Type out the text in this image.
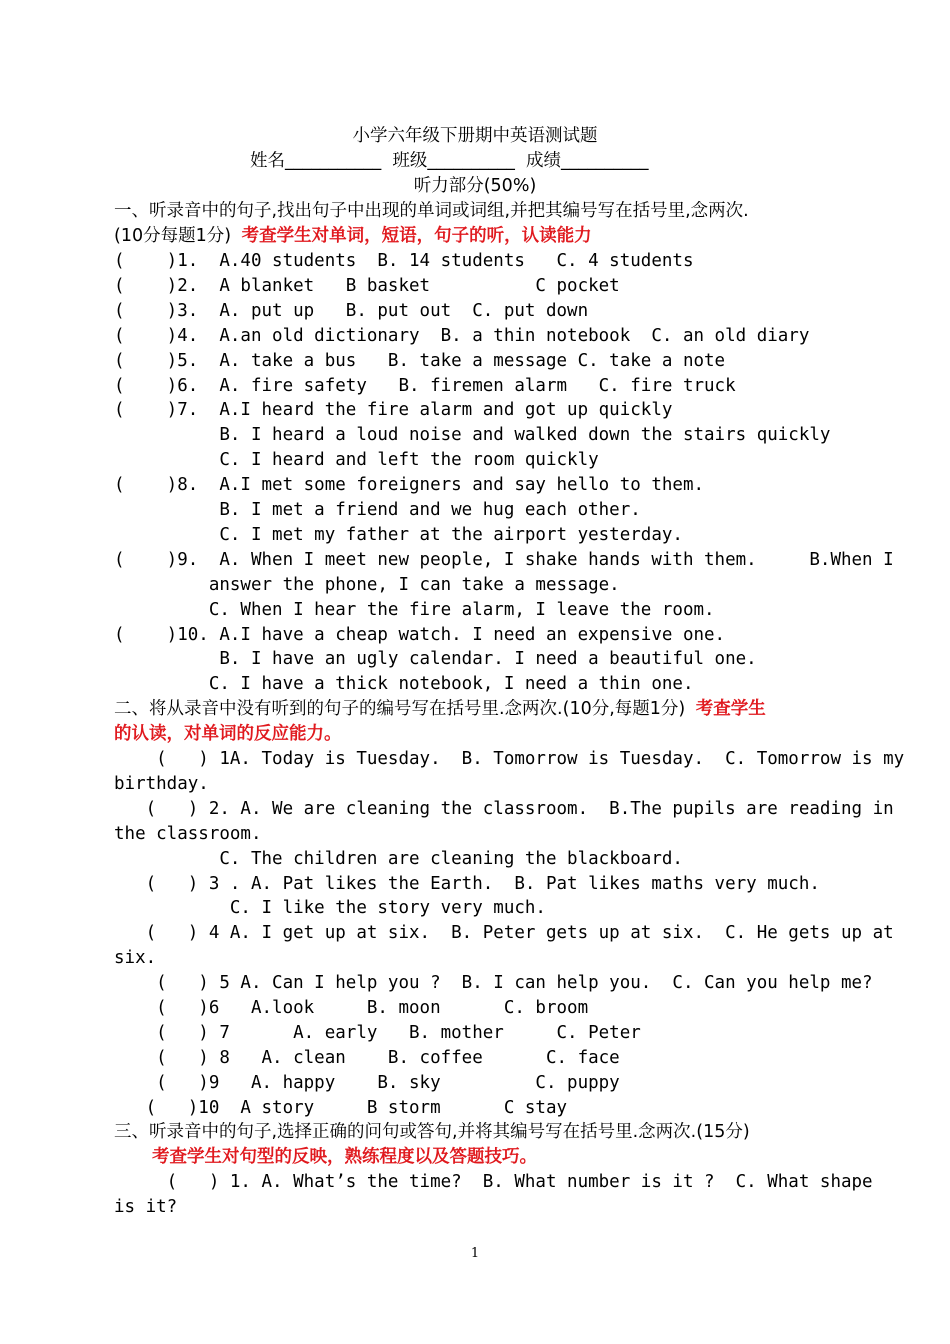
小学六年级下册期中英语测试题
姓名___________  班级__________  成绩__________
听力部分(50%)
一、听录音中的句子,找出句子中出现的单词或词组,并把其编号写在括号里,念两次.
(10分每题1分) 考查学生对单词，短语，句子的听，认读能力
(    )1.  A.40 students  B. 14 students   C. 4 students
(    )2.  A blanket   B basket          C pocket
(    )3.  A. put up   B. put out  C. put down
(    )4.  A.an old dictionary  B. a thin notebook  C. an old diary
(    )5.  A. take a bus   B. take a message C. take a note
(    )6.  A. fire safety   B. firemen alarm   C. fire truck
(    )7.  A.I heard the fire alarm and got up quickly
B. I heard a loud noise and walked down the stairs quickly
C. I heard and left the room quickly
(    )8.  A.I met some foreigners and say hello to them.
B. I met a friend and we hug each other.
C. I met my father at the airport yesterday.
(    )9.  A. When I meet new people, I shake hands with them.     B.When I
answer the phone, I can take a message.
C. When I hear the fire alarm, I leave the room.
(    )10. A.I have a cheap watch. I need an expensive one.
B. I have an ugly calendar. I need a beautiful one.
C. I have a thick notebook, I need a thin one.
二、将从录音中没有听到的句子的编号写在括号里.念两次.(10分,每题1分) 考查学生
的认读，对单词的反应能力。
(   ) 1A. Today is Tuesday.  B. Tomorrow is Tuesday.  C. Tomorrow is my
birthday.
(   ) 2. A. We are cleaning the classroom.  B.The pupils are reading in
the classroom.
C. The children are cleaning the blackboard.
(   ) 3 . A. Pat likes the Earth.  B. Pat likes maths very much.
C. I like the story very much.
(   ) 4 A. I get up at six.  B. Peter gets up at six.  C. He gets up at
six.
(   ) 5 A. Can I help you ?  B. I can help you.  C. Can you help me?
(   )6   A.look     B. moon      C. broom
(   ) 7      A. early   B. mother     C. Peter
(   ) 8   A. clean    B. coffee      C. face
(   )9   A. happy    B. sky         C. puppy
(   )10  A story     B storm      C stay
三、听录音中的句子,选择正确的问句或答句,并将其编号写在括号里.念两次.(15分)
考查学生对句型的反映，熟练程度以及答题技巧。
(   ) 1. A. What’s the time?  B. What number is it ?  C. What shape
is it?
1
